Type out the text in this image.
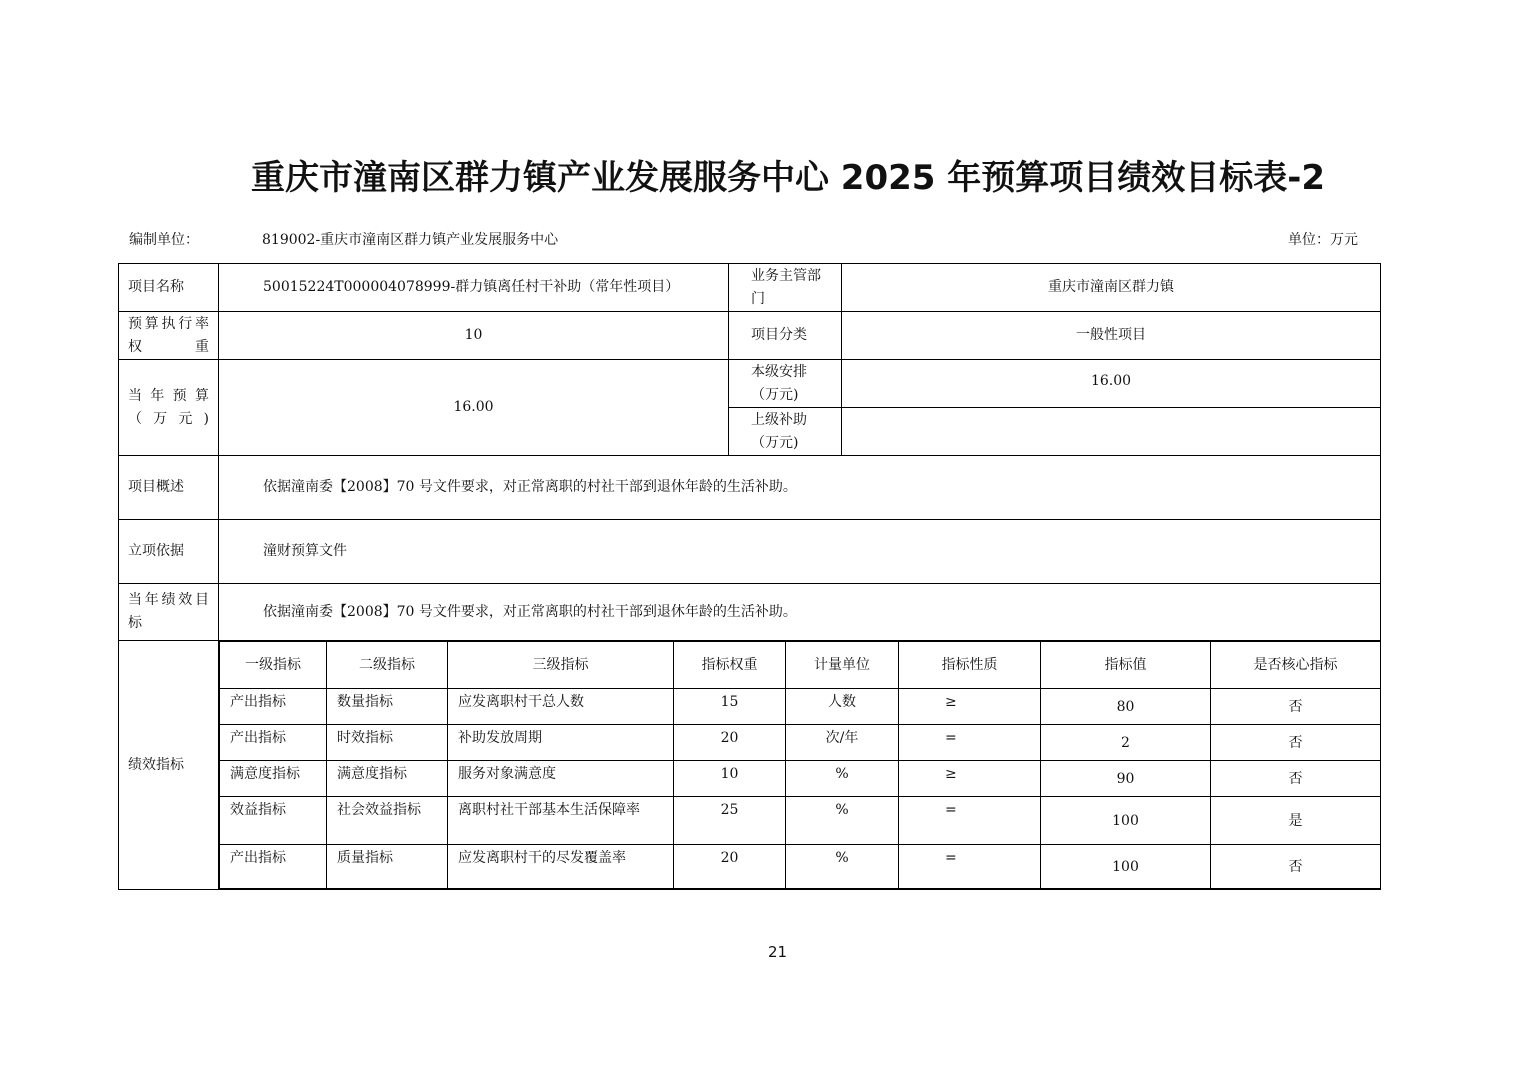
重庆市潼南区群力镇产业发展服务中心 2025 年预算项目绩效目标表-2
编制单位：	819002-重庆市潼南区群力镇产业发展服务中心	单位：万元
项目名称	50015224T000004078999-群力镇离任村干补助（常年性项目）	业务主管部门	重庆市潼南区群力镇
预算执行率权重	10	项目分类	一般性项目
当年预算（万元)	16.00	本级安排（万元)	16.00
上级补助（万元)	
项目概述	依据潼南委【2008】70 号文件要求，对正常离职的村社干部到退休年龄的生活补助。
立项依据	潼财预算文件
当年绩效目标	依据潼南委【2008】70 号文件要求，对正常离职的村社干部到退休年龄的生活补助。
绩效指标	
一级指标	二级指标	三级指标	指标权重	计量单位	指标性质	指标值	是否核心指标
产出指标	数量指标	应发离职村干总人数	15	人数	≥	80	否
产出指标	时效指标	补助发放周期	20	次/年	=	2	否
满意度指标	满意度指标	服务对象满意度	10	%	≥	90	否
效益指标	社会效益指标	离职村社干部基本生活保障率	25	%	=	100	是
产出指标	质量指标	应发离职村干的尽发覆盖率	20	%	=	100	否
21
